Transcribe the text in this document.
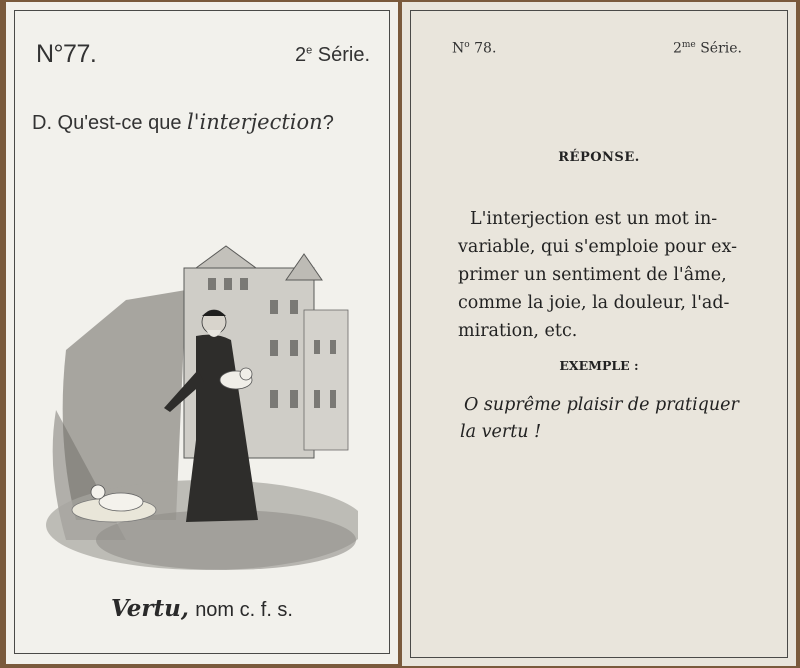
N°77.	2e Série.
D. Qu'est-ce que l'interjection?
Vertu, nom c. f. s.
$N^o$ 78.	$2^{me}$ Série.
RÉPONSE.
L'interjection est un mot in-
variable, qui s'emploie pour ex-
primer un sentiment de l'âme,
comme la joie, la douleur, l'ad-
miration, etc.
EXEMPLE :
O suprême plaisir de pratiquer
la vertu !
